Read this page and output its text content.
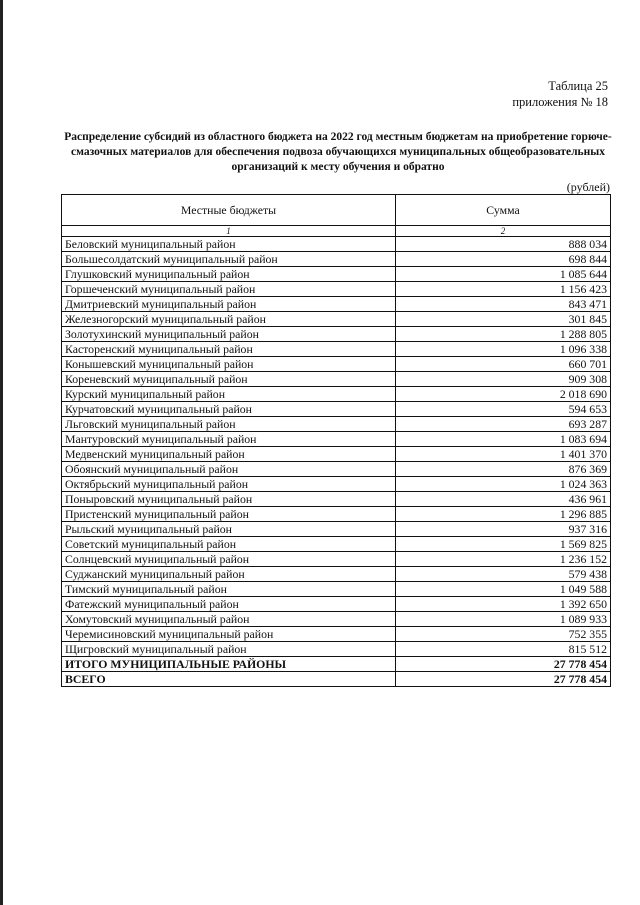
Таблица 25
приложения № 18
Распределение субсидий из областного бюджета на 2022 год местным бюджетам на приобретение горюче-смазочных материалов для обеспечения подвоза обучающихся муниципальных общеобразовательных организаций к месту обучения и обратно
(рублей)
Местные бюджеты	Сумма
1	2
Беловский муниципальный район	888 034
Большесолдатский муниципальный район	698 844
Глушковский муниципальный район	1 085 644
Горшеченский муниципальный район	1 156 423
Дмитриевский муниципальный район	843 471
Железногорский муниципальный район	301 845
Золотухинский муниципальный район	1 288 805
Касторенский муниципальный район	1 096 338
Конышевский муниципальный район	660 701
Кореневский муниципальный район	909 308
Курский муниципальный район	2 018 690
Курчатовский муниципальный район	594 653
Льговский муниципальный район	693 287
Мантуровский муниципальный район	1 083 694
Медвенский муниципальный район	1 401 370
Обоянский муниципальный район	876 369
Октябрьский муниципальный район	1 024 363
Поныровский муниципальный район	436 961
Пристенский муниципальный район	1 296 885
Рыльский муниципальный район	937 316
Советский муниципальный район	1 569 825
Солнцевский муниципальный район	1 236 152
Суджанский муниципальный район	579 438
Тимский муниципальный район	1 049 588
Фатежский муниципальный район	1 392 650
Хомутовский муниципальный район	1 089 933
Черемисиновский муниципальный район	752 355
Щигровский муниципальный район	815 512
ИТОГО МУНИЦИПАЛЬНЫЕ РАЙОНЫ	27 778 454
ВСЕГО	27 778 454
